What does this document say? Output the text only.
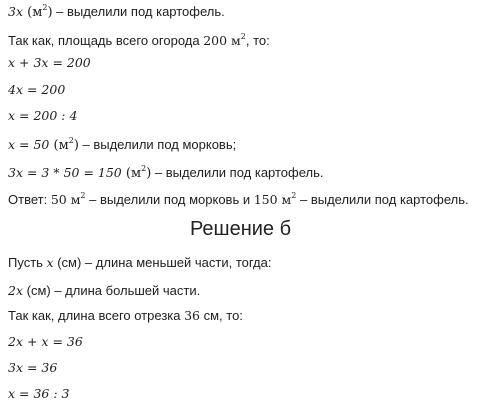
3x $(м^2)$ – выделили под картофель.
Так как, площадь всего огорода 200 $м^2$, то:
x + 3x = 200
4x = 200
x = 200 : 4
x = 50 $(м^2)$ – выделили под морковь;
3x = 3 * 50 = 150 $(м^2)$ – выделили под картофель.
Ответ: 50 $м^2$ – выделили под морковь и 150 $м^2$ – выделили под картофель.
Решение б
Пусть x (см) – длина меньшей части, тогда:
2x (см) – длина большей части.
Так как, длина всего отрезка 36 см, то:
2x + x = 36
3x = 36
x = 36 : 3
